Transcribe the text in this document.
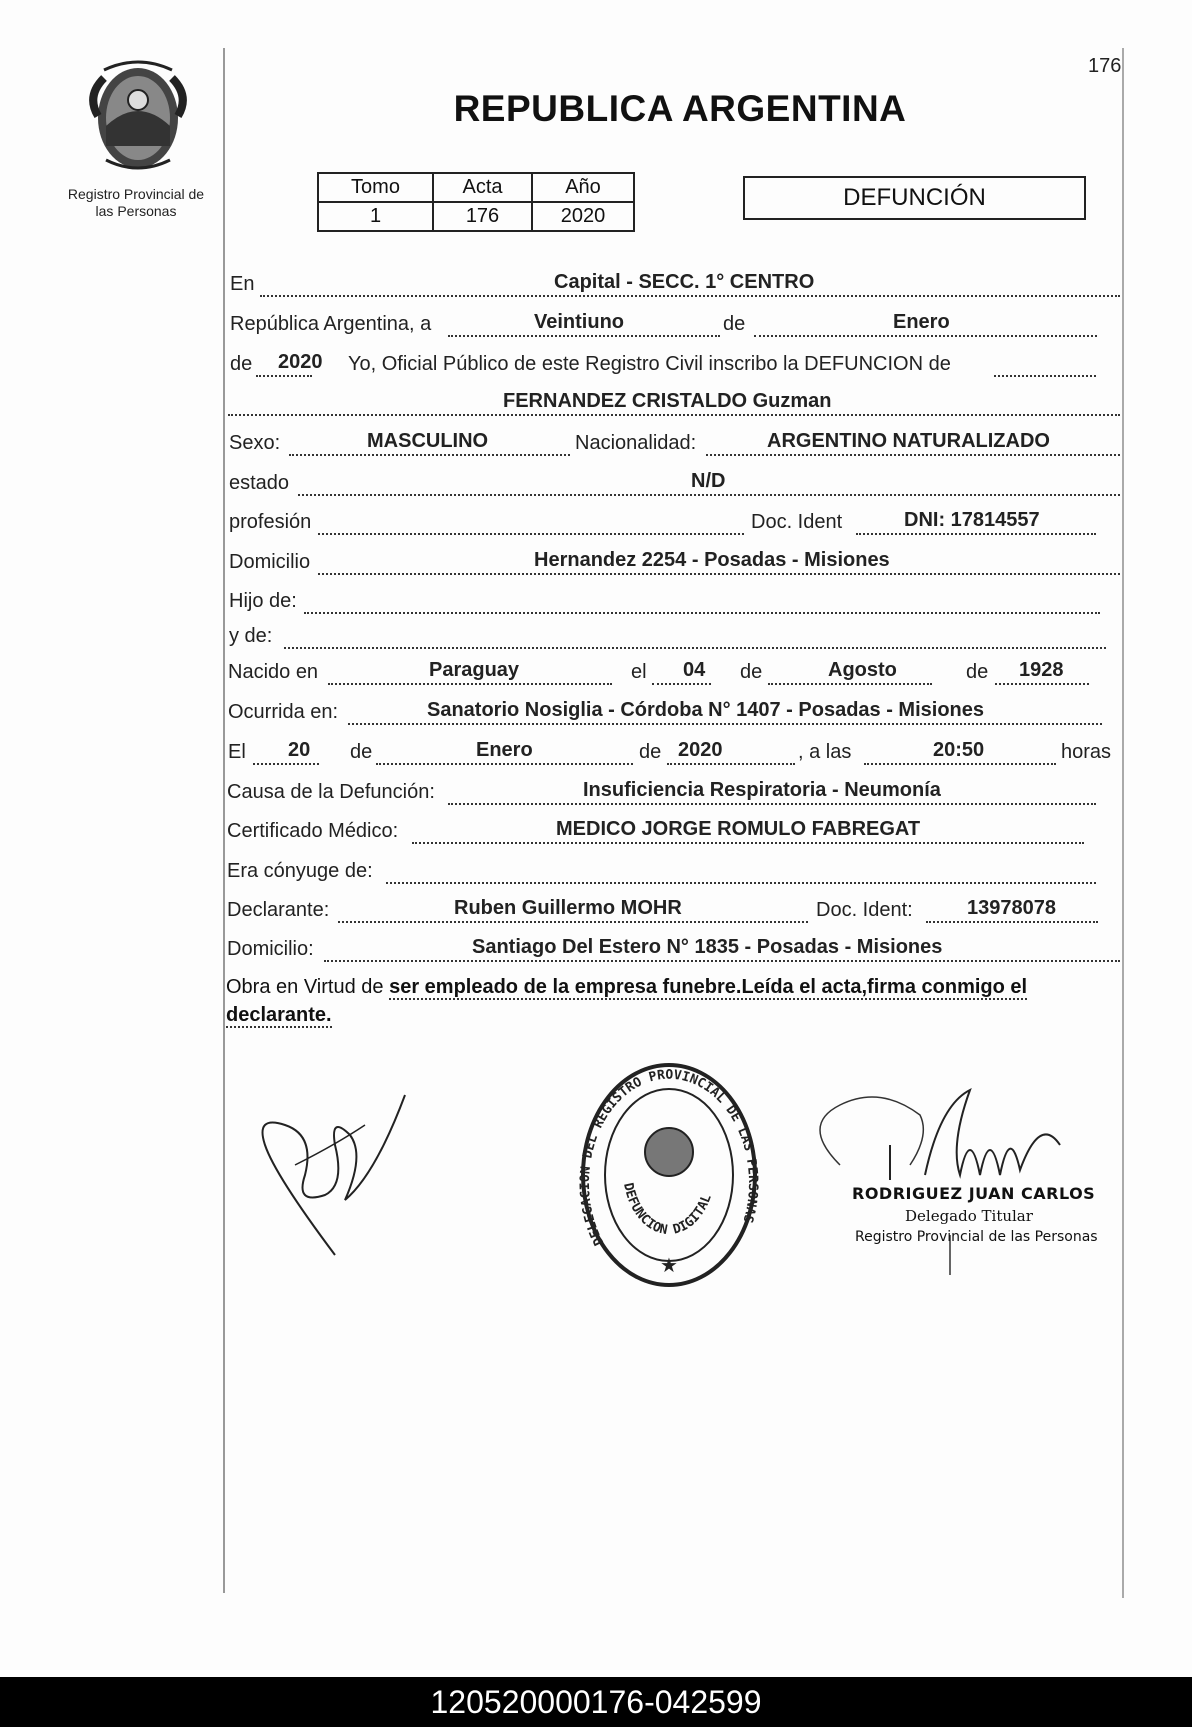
Registro Provincial de
las Personas
176
REPUBLICA ARGENTINA
Tomo	Acta	Año
1	176	2020
DEFUNCIÓN
En	Capital - SECC. 1° CENTRO
República Argentina, a	Veintiuno	de	Enero
de 2020 Yo, Oficial Público de este Registro Civil inscribo la DEFUNCION de
FERNANDEZ CRISTALDO Guzman
Sexo:	MASCULINO	Nacionalidad:	ARGENTINO NATURALIZADO
estado	N/D
profesión	Doc. Ident	DNI: 17814557
Domicilio	Hernandez 2254 - Posadas - Misiones
Hijo de:
y de:
Nacido en	Paraguay	el 04 de	Agosto	de 1928
Ocurrida en:	Sanatorio Nosiglia - Córdoba N° 1407 - Posadas - Misiones
El 20 de	Enero	de 2020	, a las	20:50	horas
Causa de la Defunción:	Insuficiencia Respiratoria - Neumonía
Certificado Médico:	MEDICO JORGE ROMULO FABREGAT
Era cónyuge de:
Declarante:	Ruben Guillermo MOHR	Doc. Ident:	13978078
Domicilio:	Santiago Del Estero N° 1835 - Posadas - Misiones
Obra en Virtud de ser empleado de la empresa funebre.Leída el acta,firma conmigo el declarante.
DELEGACION DEL REGISTRO PROVINCIAL DE LAS PERSONAS
DEFUNCION DIGITAL
★
RODRIGUEZ JUAN CARLOS
Delegado Titular
Registro Provincial de las Personas
120520000176-042599
